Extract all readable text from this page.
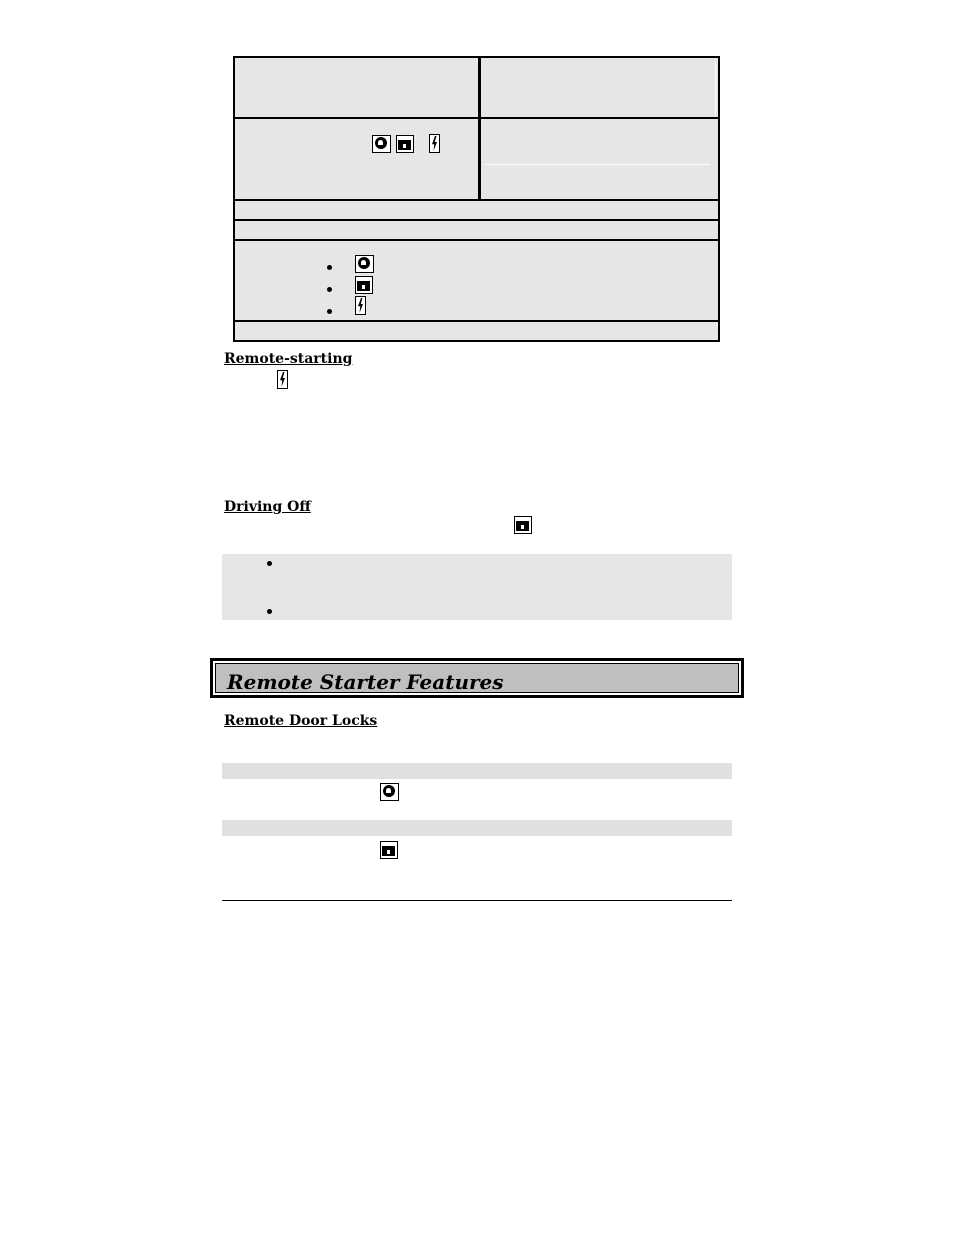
Remote-starting
Driving Off
Remote Starter Features
Remote Door Locks
